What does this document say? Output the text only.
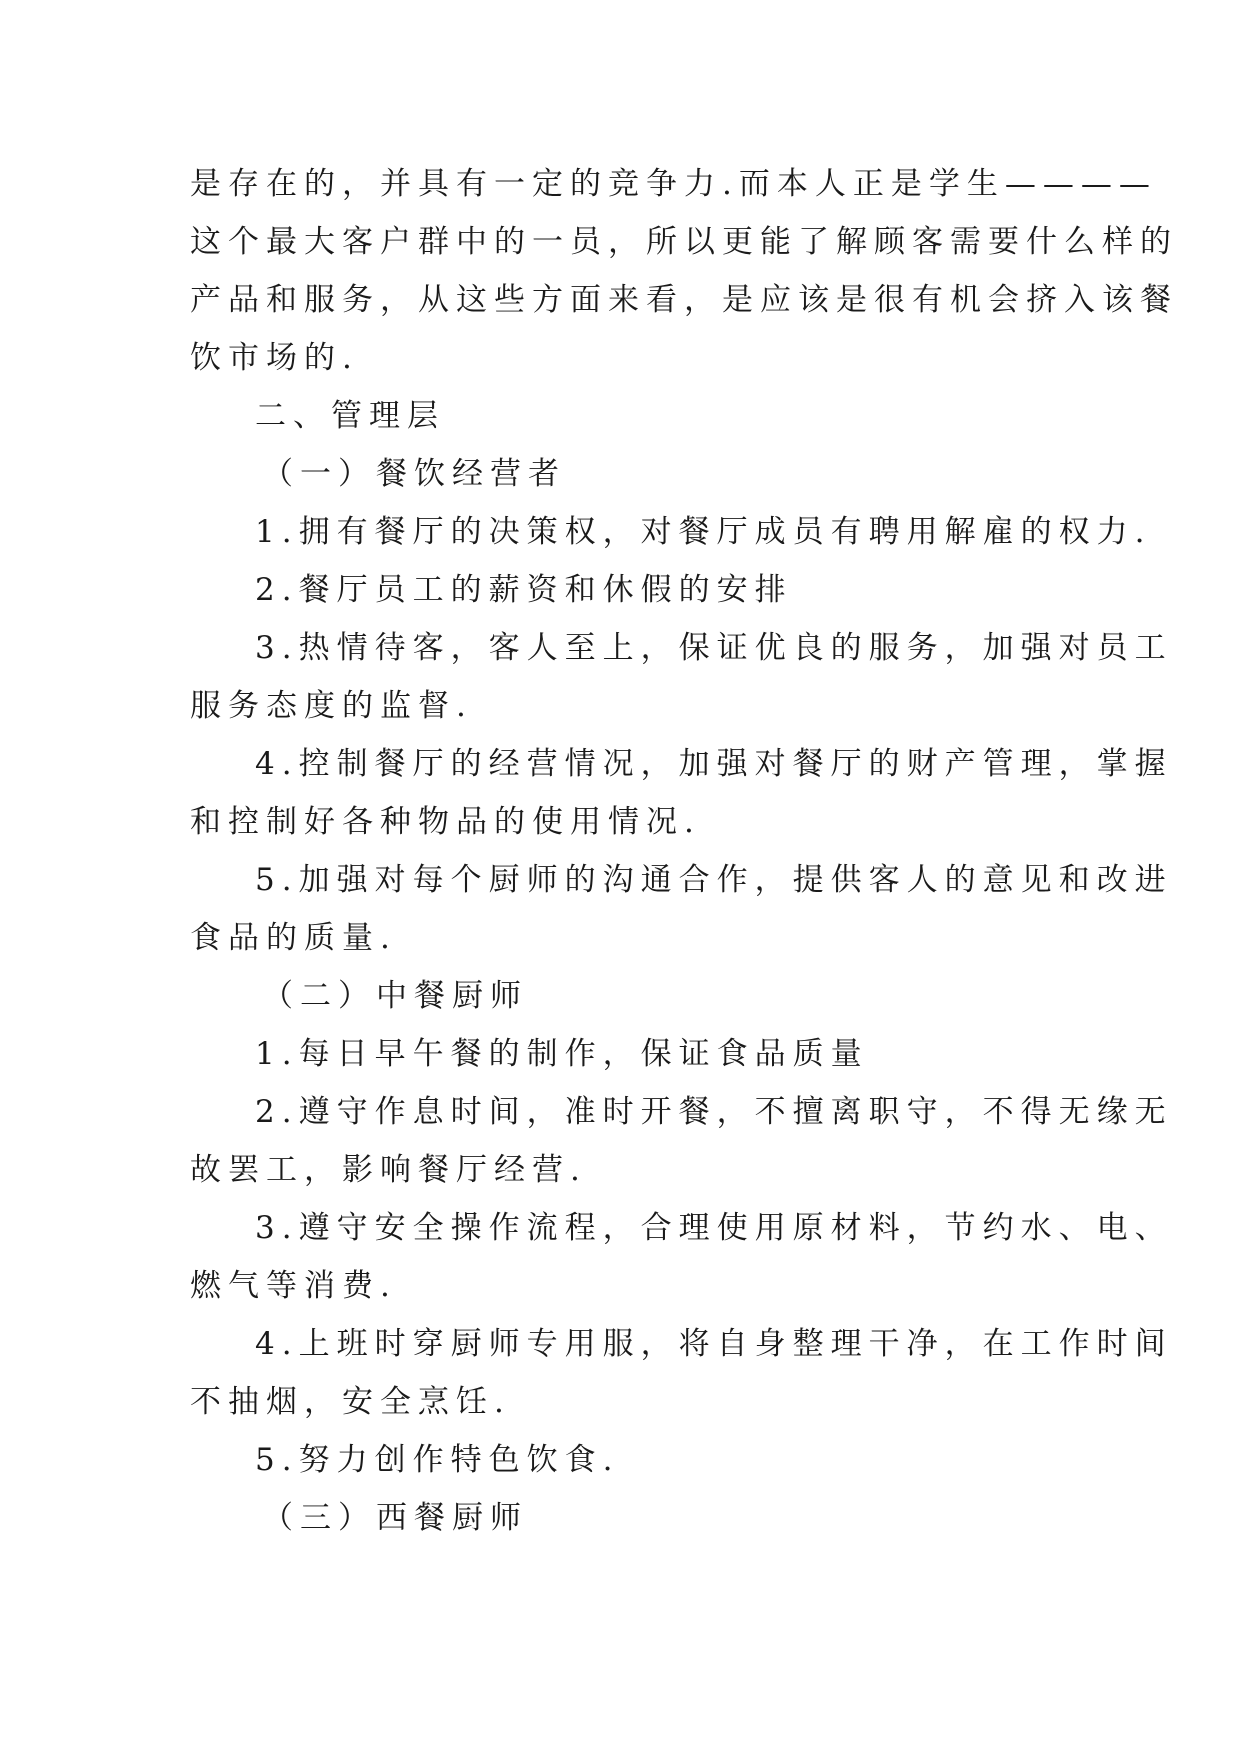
是存在的，并具有一定的竞争力.而本人正是学生————
这个最大客户群中的一员，所以更能了解顾客需要什么样的
产品和服务，从这些方面来看，是应该是很有机会挤入该餐
饮市场的.
二、管理层
（一）餐饮经营者
1.拥有餐厅的决策权，对餐厅成员有聘用解雇的权力.
2.餐厅员工的薪资和休假的安排
3.热情待客，客人至上，保证优良的服务，加强对员工
服务态度的监督.
4.控制餐厅的经营情况，加强对餐厅的财产管理，掌握
和控制好各种物品的使用情况.
5.加强对每个厨师的沟通合作，提供客人的意见和改进
食品的质量.
（二）中餐厨师
1.每日早午餐的制作，保证食品质量
2.遵守作息时间，准时开餐，不擅离职守，不得无缘无
故罢工，影响餐厅经营.
3.遵守安全操作流程，合理使用原材料，节约水、电、
燃气等消费.
4.上班时穿厨师专用服，将自身整理干净，在工作时间
不抽烟，安全烹饪.
5.努力创作特色饮食.
（三）西餐厨师
